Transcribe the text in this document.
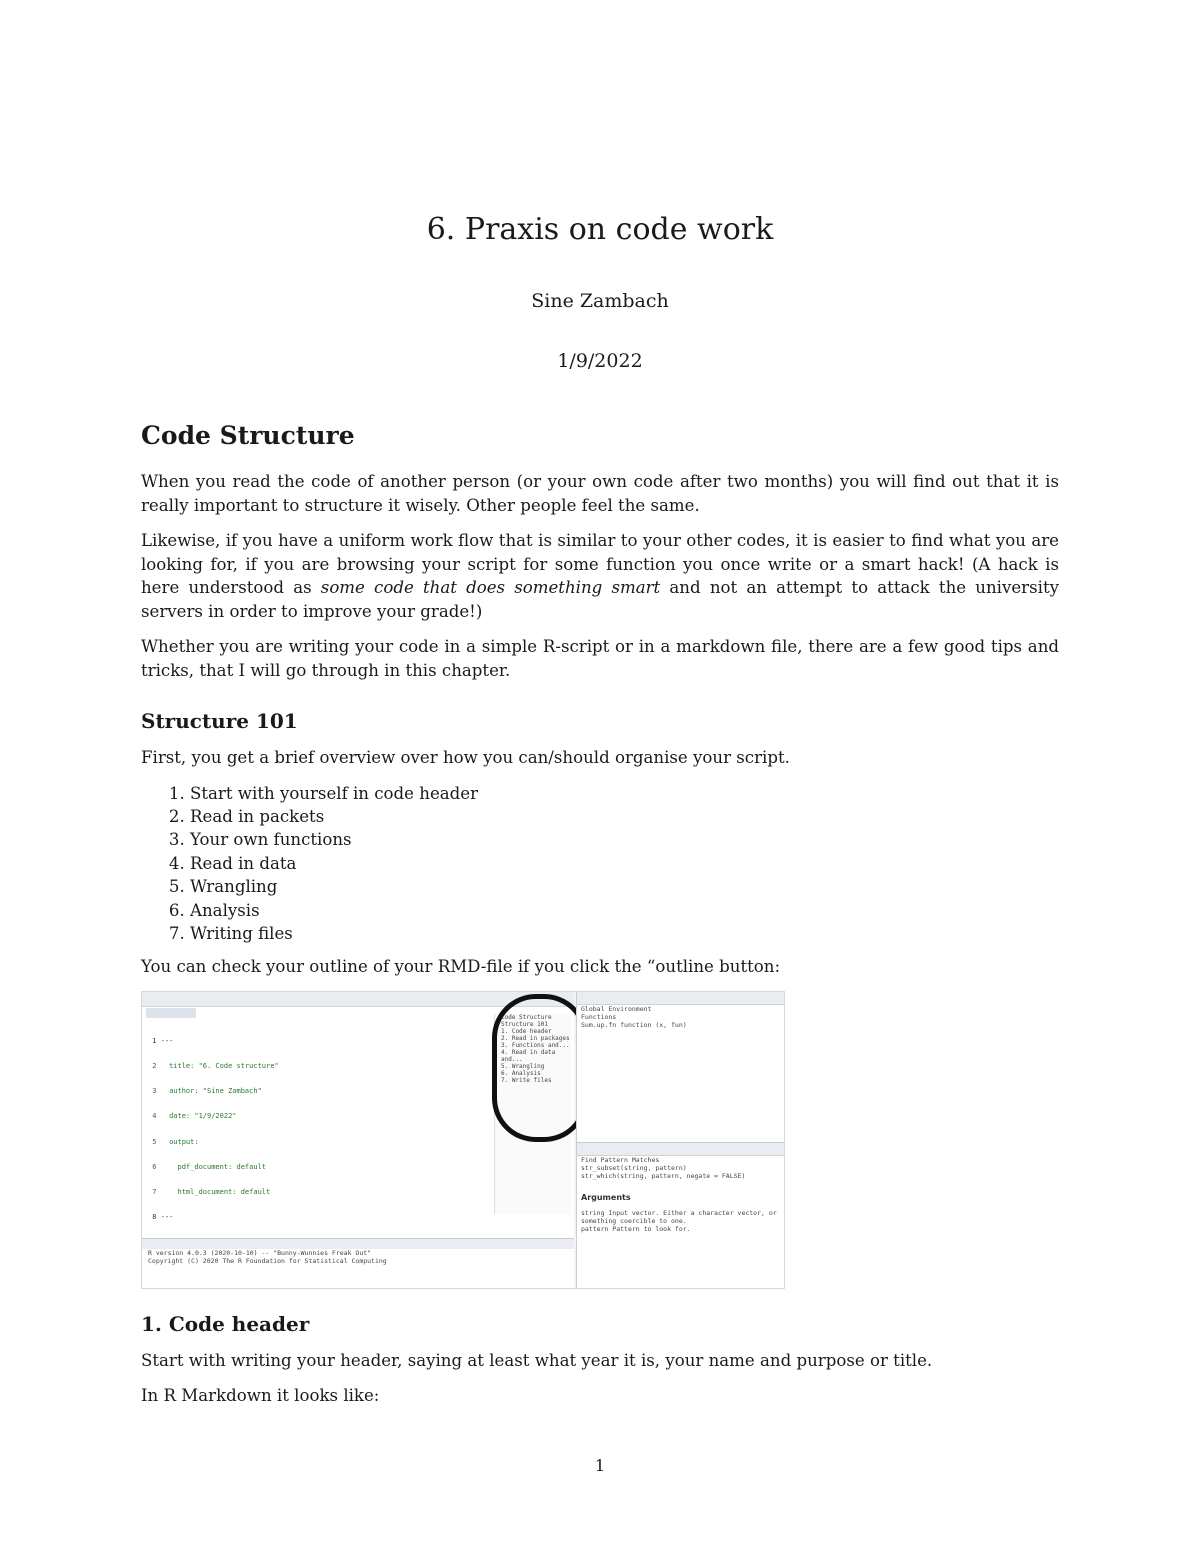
6. Praxis on code work
Sine Zambach
1/9/2022
Code Structure

When you read the code of another person (or your own code after two months) you will find out that it is really important to structure it wisely. Other people feel the same.

Likewise, if you have a uniform work flow that is similar to your other codes, it is easier to find what you are looking for, if you are browsing your script for some function you once write or a smart hack! (A hack is here understood as some code that does something smart and not an attempt to attack the university servers in order to improve your grade!)

Whether you are writing your code in a simple R-script or in a markdown file, there are a few good tips and tricks, that I will go through in this chapter.

Structure 101

First, you get a brief overview over how you can/should organise your script.

1. Start with yourself in code header
2. Read in packets
3. Your own functions
4. Read in data
5. Wrangling
6. Analysis
7. Writing files

You can check your outline of your RMD-file if you click the “outline button:

1 ---

2   title: "6. Code structure"

3   author: "Sine Zambach"

4   date: "1/9/2022"

5   output:

6     pdf_document: default

7     html_document: default

8 ---

Code Structure
Structure 101
1. Code header
2. Read in packages
3. Functions and...
4. Read in data and...
5. Wrangling
6. Analysis
7. Write files
R version 4.0.3 (2020-10-10) -- "Bunny-Wunnies Freak Out"
Copyright (C) 2020 The R Foundation for Statistical Computing
Global Environment
Functions
Sum.up.fn function (x, fun)
Find Pattern Matches
str_subset(string, pattern)
str_which(string, pattern, negate = FALSE)
Arguments
string Input vector. Either a character vector, or
something coercible to one.
pattern Pattern to look for.
1. Code header

Start with writing your header, saying at least what year it is, your name and purpose or title.

In R Markdown it looks like:

1
